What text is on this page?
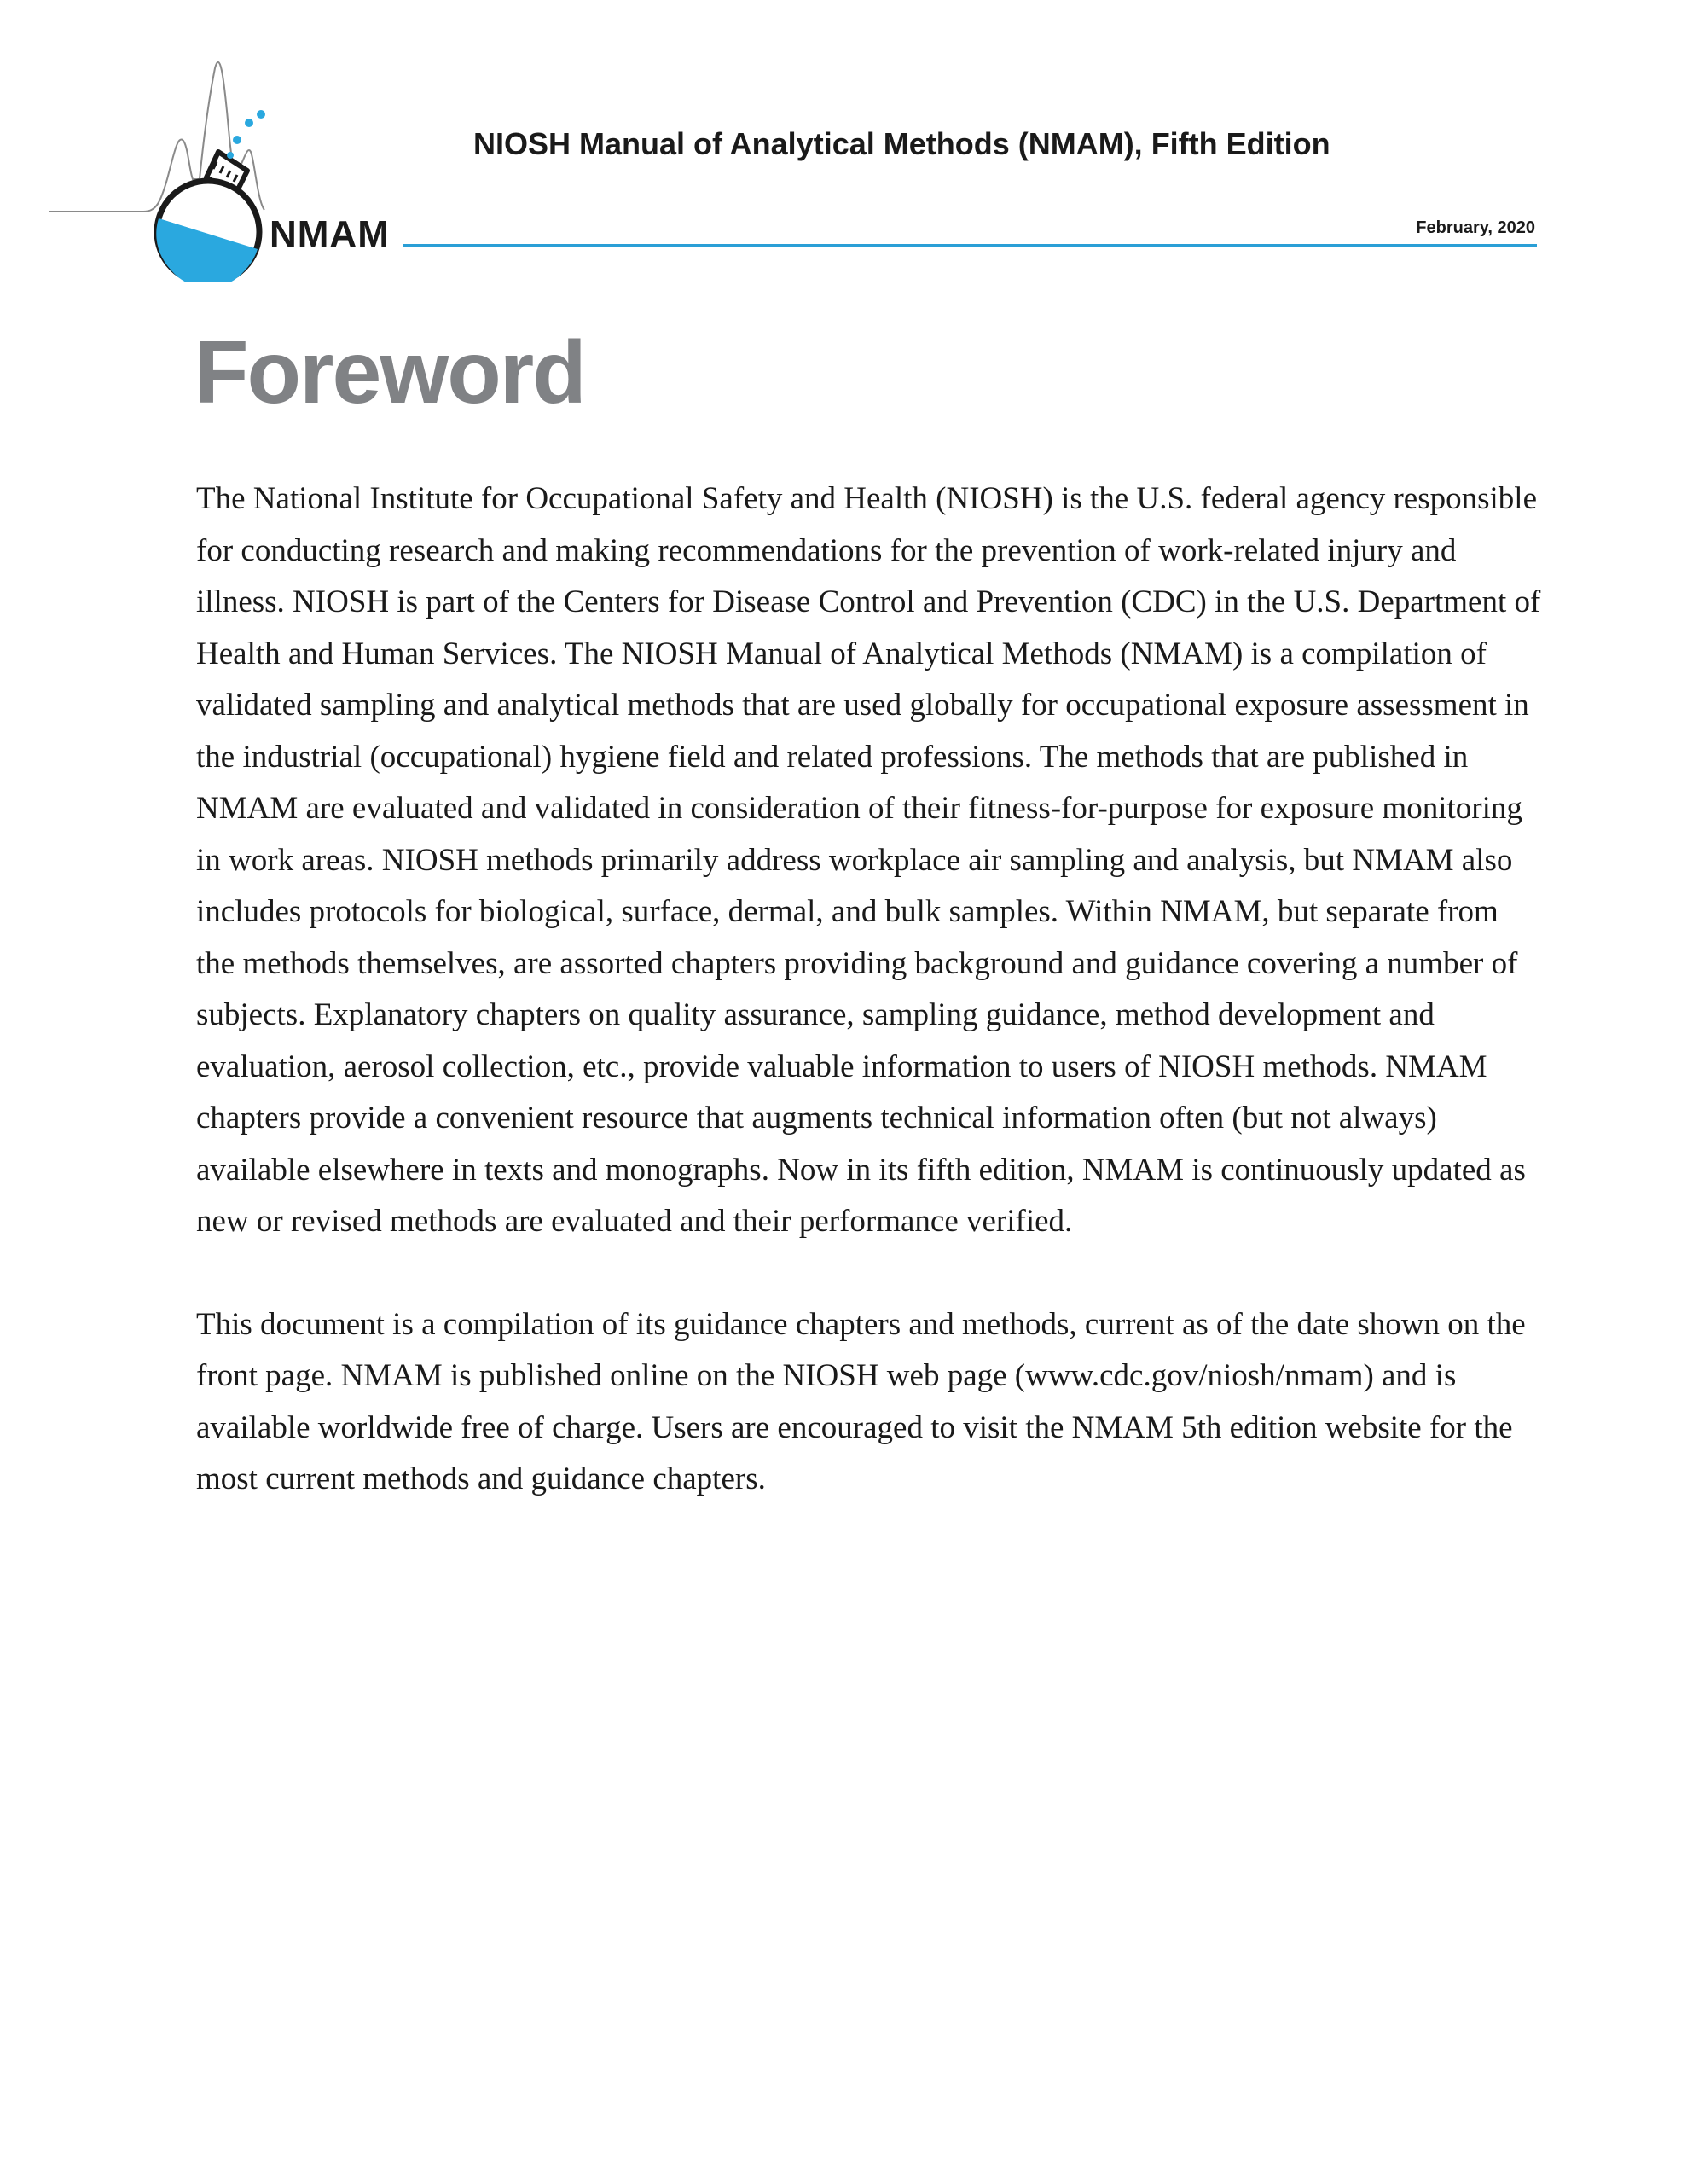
NMAM
NIOSH Manual of Analytical Methods (NMAM), Fifth Edition
February, 2020
Foreword

The National Institute for Occupational Safety and Health (NIOSH) is the U.S. federal agency responsible for conducting research and making recommendations for the prevention of work-related injury and illness. NIOSH is part of the Centers for Disease Control and Prevention (CDC) in the U.S. Department of Health and Human Services. The NIOSH Manual of Analytical Methods (NMAM) is a compilation of validated sampling and analytical methods that are used globally for occupational exposure assessment in the industrial (occupational) hygiene field and related professions. The methods that are published in NMAM are evaluated and validated in consideration of their fitness-for-purpose for exposure monitoring in work areas. NIOSH methods primarily address workplace air sampling and analysis, but NMAM also includes protocols for biological, surface, dermal, and bulk samples. Within NMAM, but separate from the methods themselves, are assorted chapters providing background and guidance covering a number of subjects. Explanatory chapters on quality assurance, sampling guidance, method development and evaluation, aerosol collection, etc., provide valuable information to users of NIOSH methods. NMAM chapters provide a convenient resource that augments technical information often (but not always) available elsewhere in texts and monographs. Now in its fifth edition, NMAM is continuously updated as new or revised methods are evaluated and their performance verified.

This document is a compilation of its guidance chapters and methods, current as of the date shown on the front page. NMAM is published online on the NIOSH web page (www.cdc.gov/niosh/nmam) and is available worldwide free of charge. Users are encouraged to visit the NMAM 5th edition website for the most current methods and guidance chapters.
